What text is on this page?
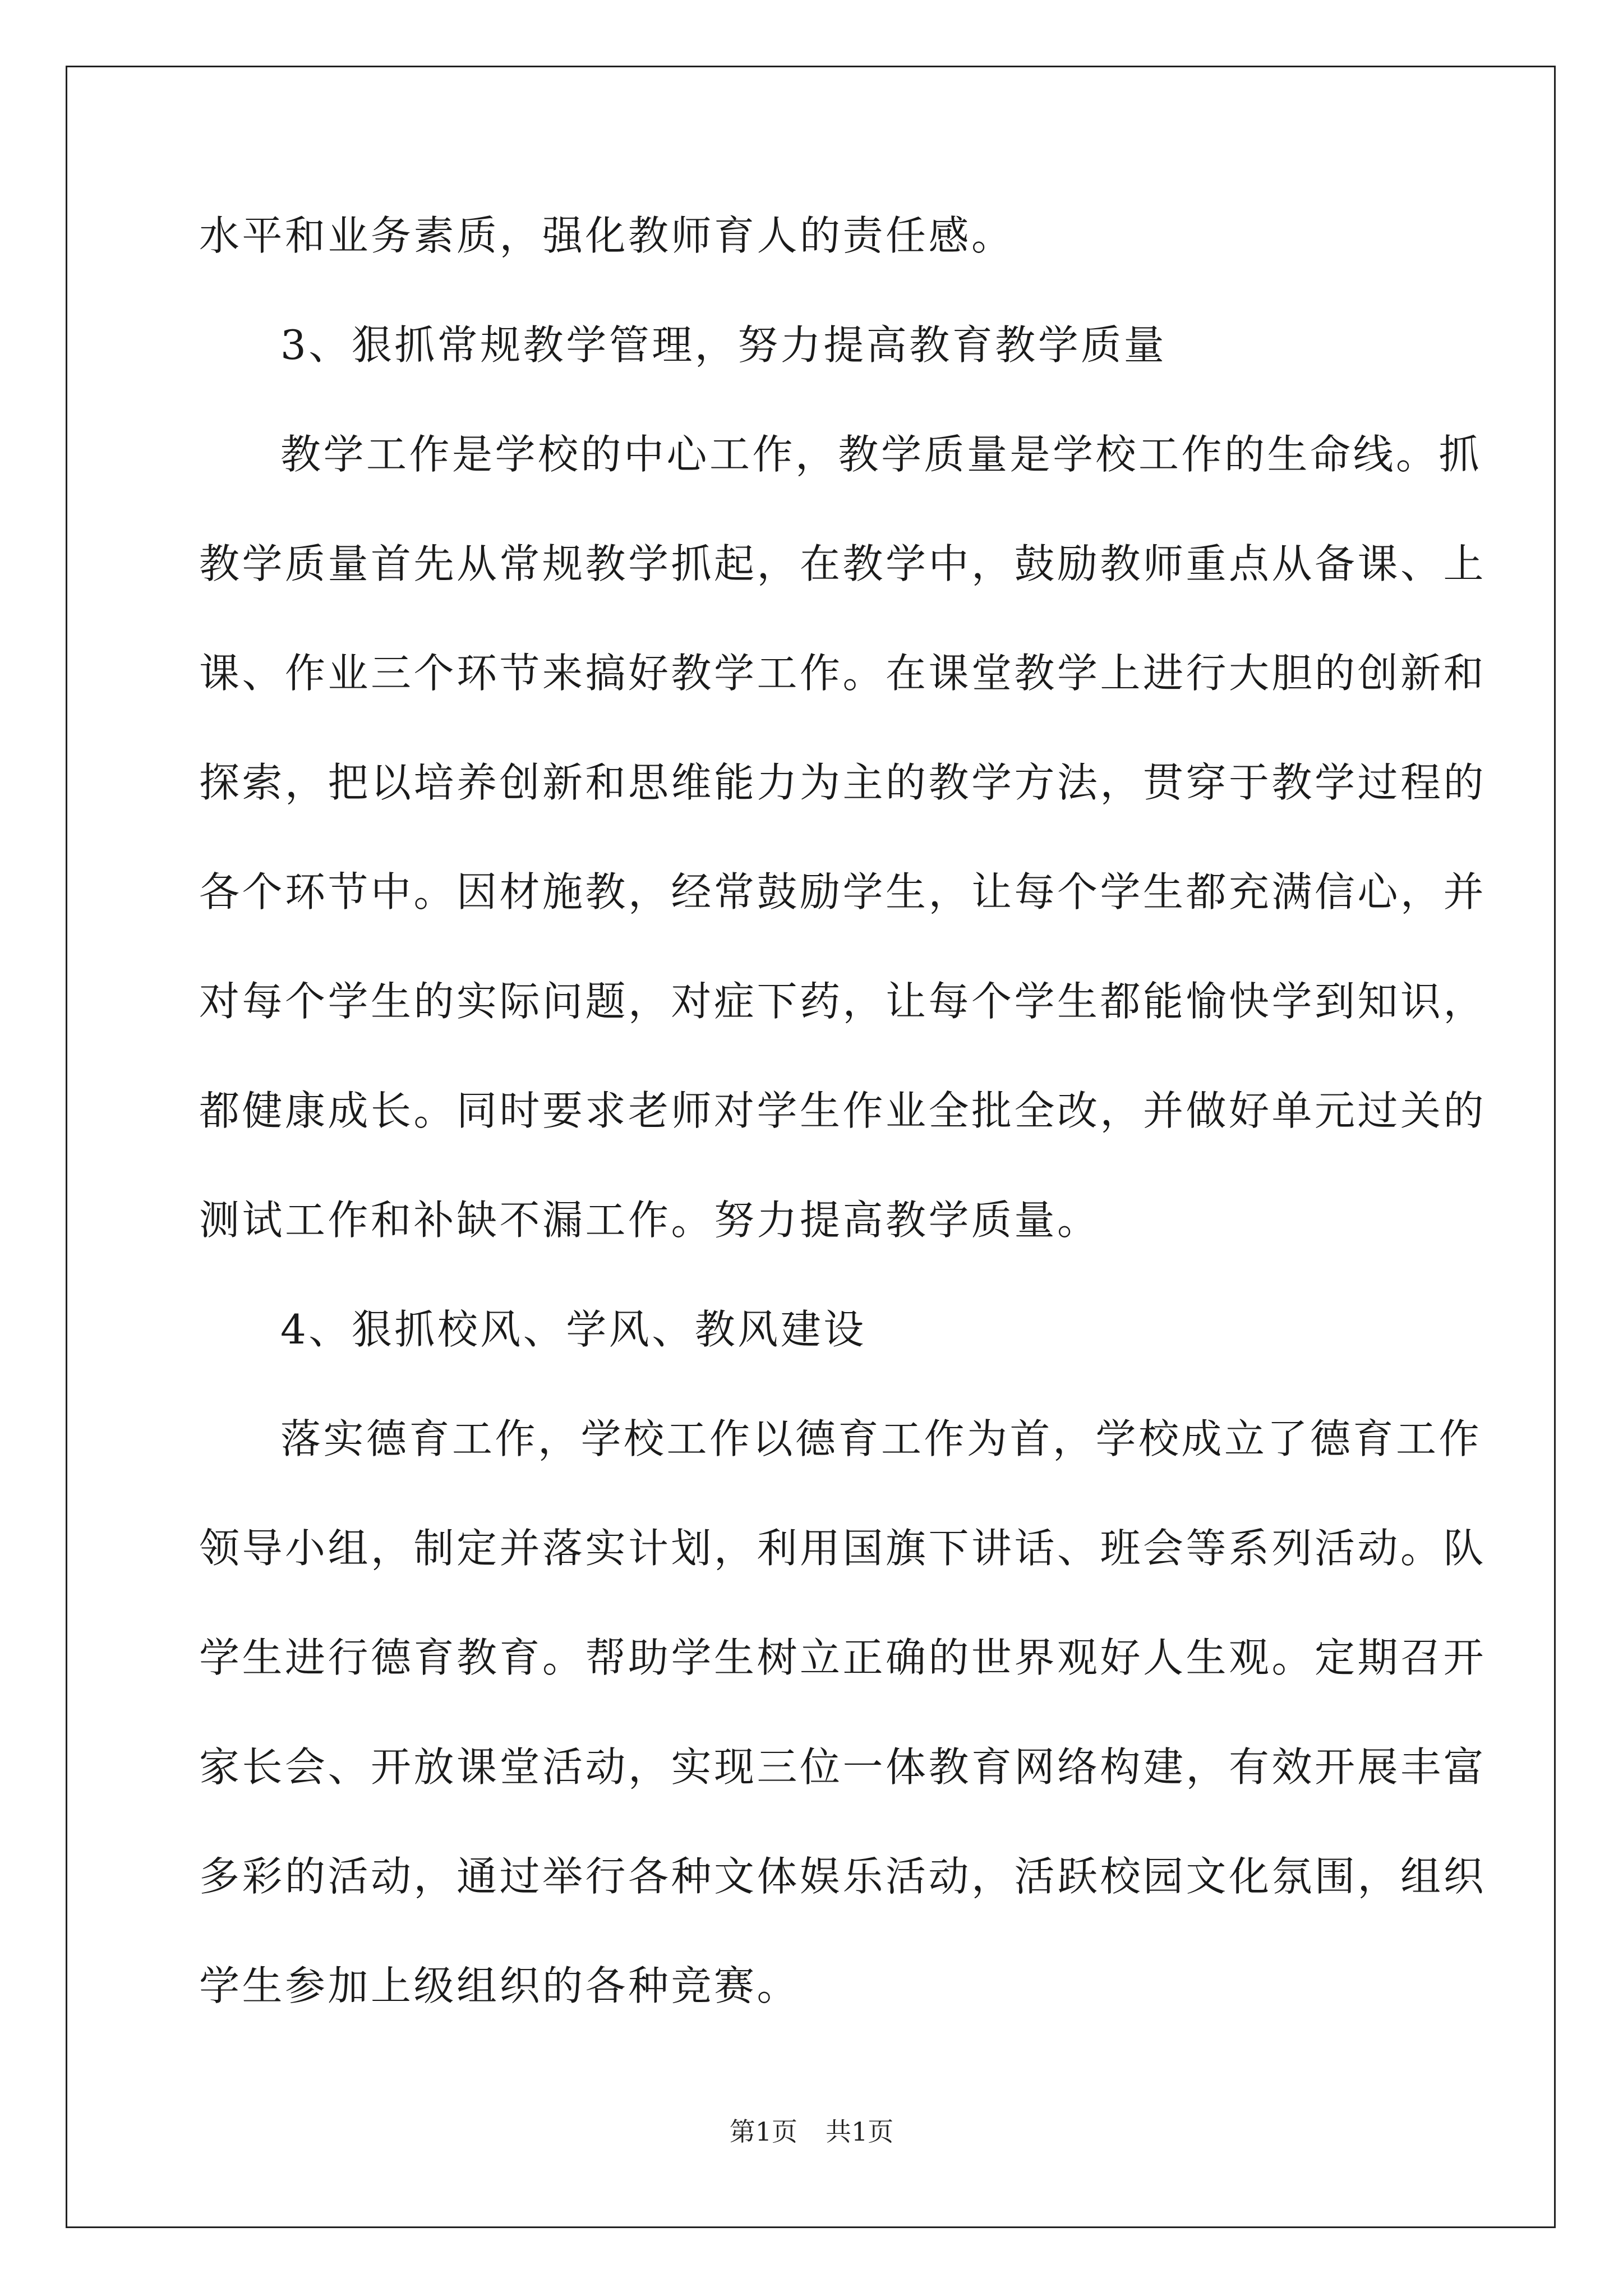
水平和业务素质，强化教师育人的责任感。
3、狠抓常规教学管理，努力提高教育教学质量
教学工作是学校的中心工作，教学质量是学校工作的生命线。抓
教学质量首先从常规教学抓起，在教学中，鼓励教师重点从备课、上
课、作业三个环节来搞好教学工作。在课堂教学上进行大胆的创新和
探索，把以培养创新和思维能力为主的教学方法，贯穿于教学过程的
各个环节中。因材施教，经常鼓励学生，让每个学生都充满信心，并
对每个学生的实际问题，对症下药，让每个学生都能愉快学到知识，
都健康成长。同时要求老师对学生作业全批全改，并做好单元过关的
测试工作和补缺不漏工作。努力提高教学质量。
4、狠抓校风、学风、教风建设
落实德育工作，学校工作以德育工作为首，学校成立了德育工作
领导小组，制定并落实计划，利用国旗下讲话、班会等系列活动。队
学生进行德育教育。帮助学生树立正确的世界观好人生观。定期召开
家长会、开放课堂活动，实现三位一体教育网络构建，有效开展丰富
多彩的活动，通过举行各种文体娱乐活动，活跃校园文化氛围，组织
学生参加上级组织的各种竞赛。
第1页 共1页
